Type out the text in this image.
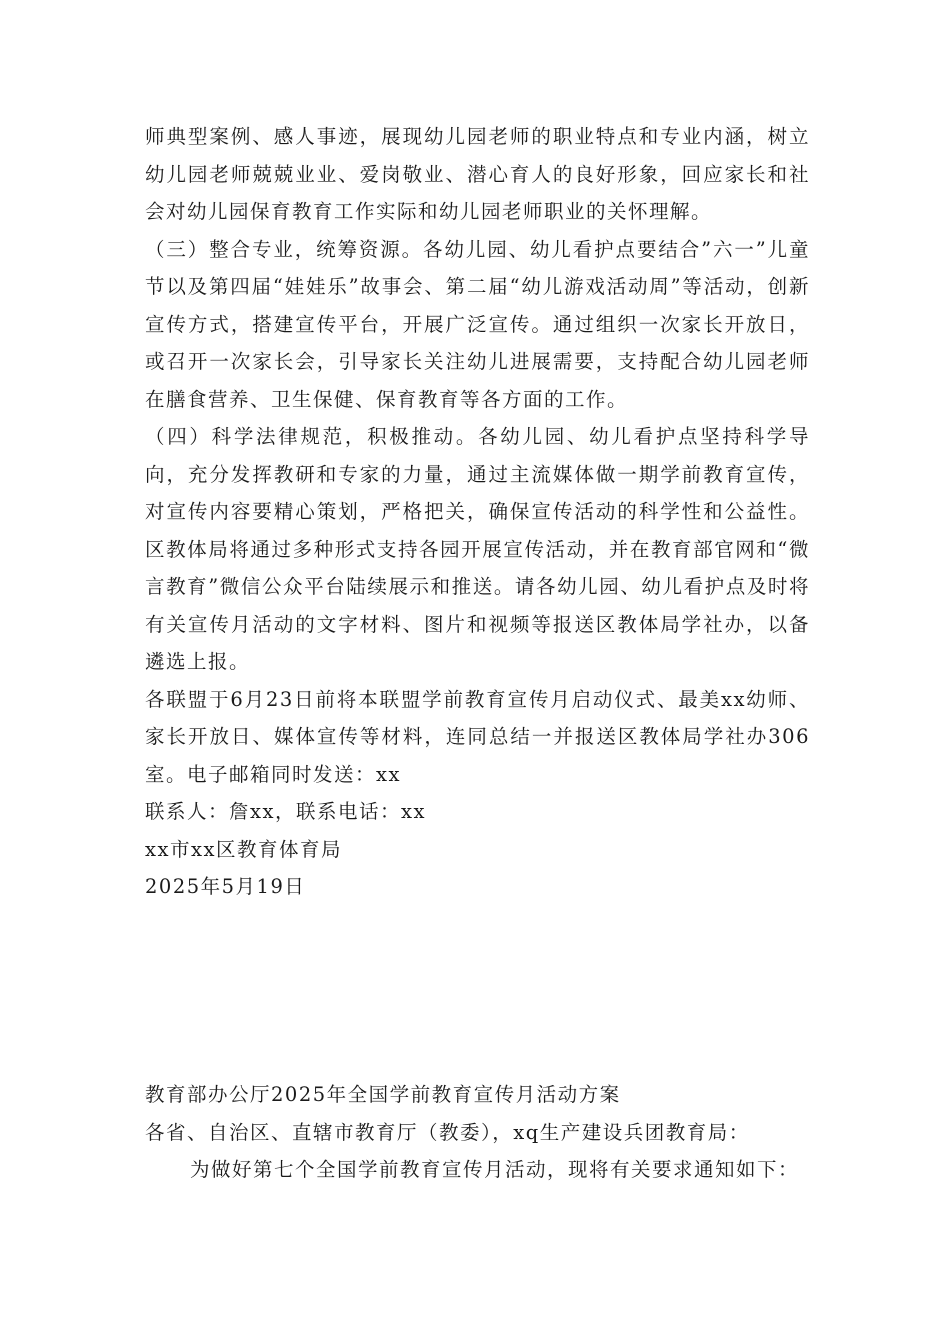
师典型案例、感人事迹，展现幼儿园老师的职业特点和专业内涵，树立幼儿园老师兢兢业业、爱岗敬业、潜心育人的良好形象，回应家长和社会对幼儿园保育教育工作实际和幼儿园老师职业的关怀理解。

（三）整合专业，统筹资源。各幼儿园、幼儿看护点要结合”六一”儿童节以及第四届“娃娃乐”故事会、第二届“幼儿游戏活动周”等活动，创新宣传方式，搭建宣传平台，开展广泛宣传。通过组织一次家长开放日，或召开一次家长会，引导家长关注幼儿进展需要，支持配合幼儿园老师在膳食营养、卫生保健、保育教育等各方面的工作。

（四）科学法律规范，积极推动。各幼儿园、幼儿看护点坚持科学导向，充分发挥教研和专家的力量，通过主流媒体做一期学前教育宣传，对宣传内容要精心策划，严格把关，确保宣传活动的科学性和公益性。区教体局将通过多种形式支持各园开展宣传活动，并在教育部官网和“微言教育”微信公众平台陆续展示和推送。请各幼儿园、幼儿看护点及时将有关宣传月活动的文字材料、图片和视频等报送区教体局学社办，以备遴选上报。

各联盟于6月23日前将本联盟学前教育宣传月启动仪式、最美xx幼师、家长开放日、媒体宣传等材料，连同总结一并报送区教体局学社办306室。电子邮箱同时发送：xx

联系人：詹xx，联系电话：xx

xx市xx区教育体育局

2025年5月19日

教育部办公厅2025年全国学前教育宣传月活动方案

各省、自治区、直辖市教育厅（教委），xq生产建设兵团教育局：

为做好第七个全国学前教育宣传月活动，现将有关要求通知如下：
